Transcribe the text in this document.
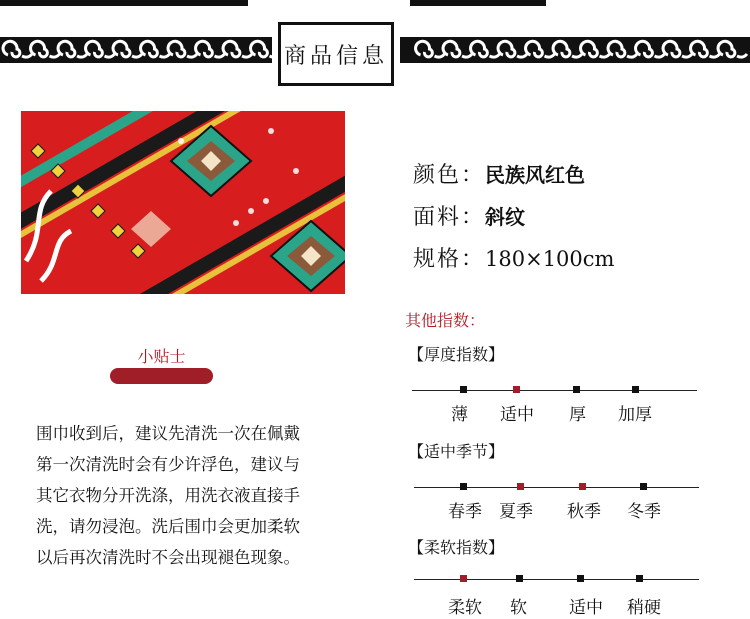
商品信息
颜色：民族风红色
面料：斜纹
规格：180×100cm
其他指数：
【厚度指数】
薄 适中 厚 加厚
【适中季节】
春季 夏季 秋季 冬季
【柔软指数】
柔软 软 适中 稍硬
小贴士

围巾收到后，建议先清洗一次在佩戴

第一次清洗时会有少许浮色，建议与

其它衣物分开洗涤，用洗衣液直接手

洗，请勿浸泡。洗后围巾会更加柔软

以后再次清洗时不会出现褪色现象。
